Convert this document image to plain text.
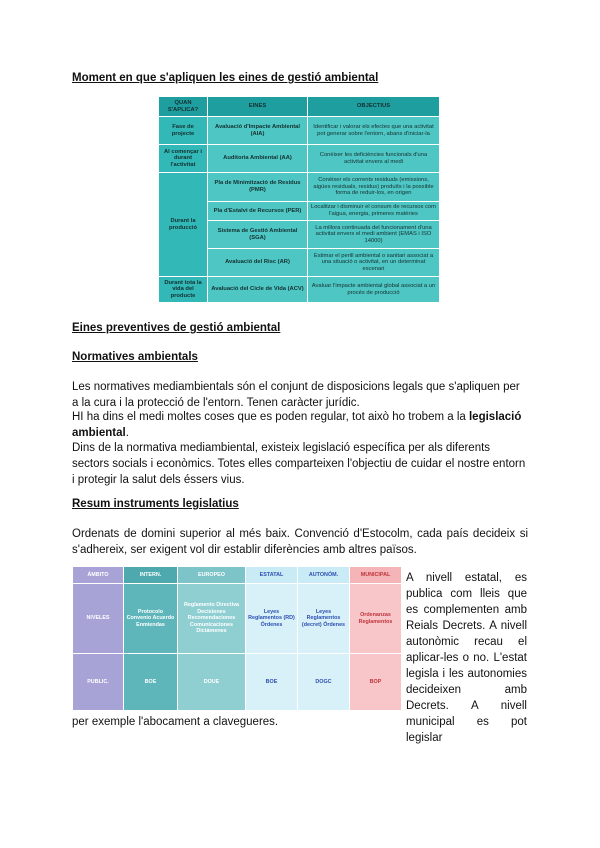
Moment en que s'apliquen les eines de gestió ambiental
QUAN S'APLICA?	EINES	OBJECTIUS
Fase de projecte	Avaluació d'Impacte Ambiental (AIA)	Identificar i valorar els efectes que una activitat pot generar sobre l'entorn, abans d'iniciar-la
Al començar i durant l'activitat	Auditoria Ambiental (AA)	Conèixer les deficiències funcionals d'una activitat envers al medi
Durant la producció	Pla de Minimització de Residus (PMR)	Conèixer els corrents residuals (emissions, aigües residuals, residus) produïts i la possible forma de reduir-los, en origen
	Pla d'Estalvi de Recursos (PER)	Localitzar i disminuir el consum de recursos com l'aigua, energia, primeres matèries
	Sistema de Gestió Ambiental (SGA)	La millora continuada del funcionament d'una activitat envers el medi ambient (EMAS i ISO 14000)
	Avaluació del Risc (AR)	Estimar el perill ambiental o sanitari associat a una situació o activitat, en un determinat escenari
Durant tota la vida del producte	Avaluació del Cicle de Vida (ACV)	Avaluar l'impacte ambiental global associat a un procés de producció
Eines preventives de gestió ambiental
Normatives ambientals
Les normatives mediambientals són el conjunt de disposicions legals que s'apliquen per a la cura i la protecció de l'entorn. Tenen caràcter jurídic.
HI ha dins el medi moltes coses que es poden regular, tot això ho trobem a la legislació ambiental.
Dins de la normativa mediambiental, existeix legislació específica per als diferents sectors socials i econòmics. Totes elles comparteixen l'objectiu de cuidar el nostre entorn i protegir la salut dels éssers vius.
Resum instruments legislatius
Ordenats de domini superior al més baix. Convenció d'Estocolm, cada país decideix si s'adhereix, ser exigent vol dir establir diferències amb altres països.
ÁMBITO	INTERN.	EUROPEO	ESTATAL	AUTONÓM.	MUNICIPAL
NIVELES	Protocolo Convenio Acuerdo Enmiendas	Reglamento Directiva Decisiones Recomendaciones Comunicaciones Dictámenes	Leyes Reglamentos (RD) Órdenes	Leyes Reglamentos (decret) Órdenes	Ordenanzas Reglamentos
PUBLIC.	BOE	DOUE	BOE	DOGC	BOP
A nivell estatal, es publica com lleis que es complementen amb Reials Decrets. A nivell autonòmic recau el aplicar-les o no. L'estat legisla i les autonomies decideixen amb Decrets. A nivell municipal es pot legislar
per exemple l'abocament a clavegueres.
